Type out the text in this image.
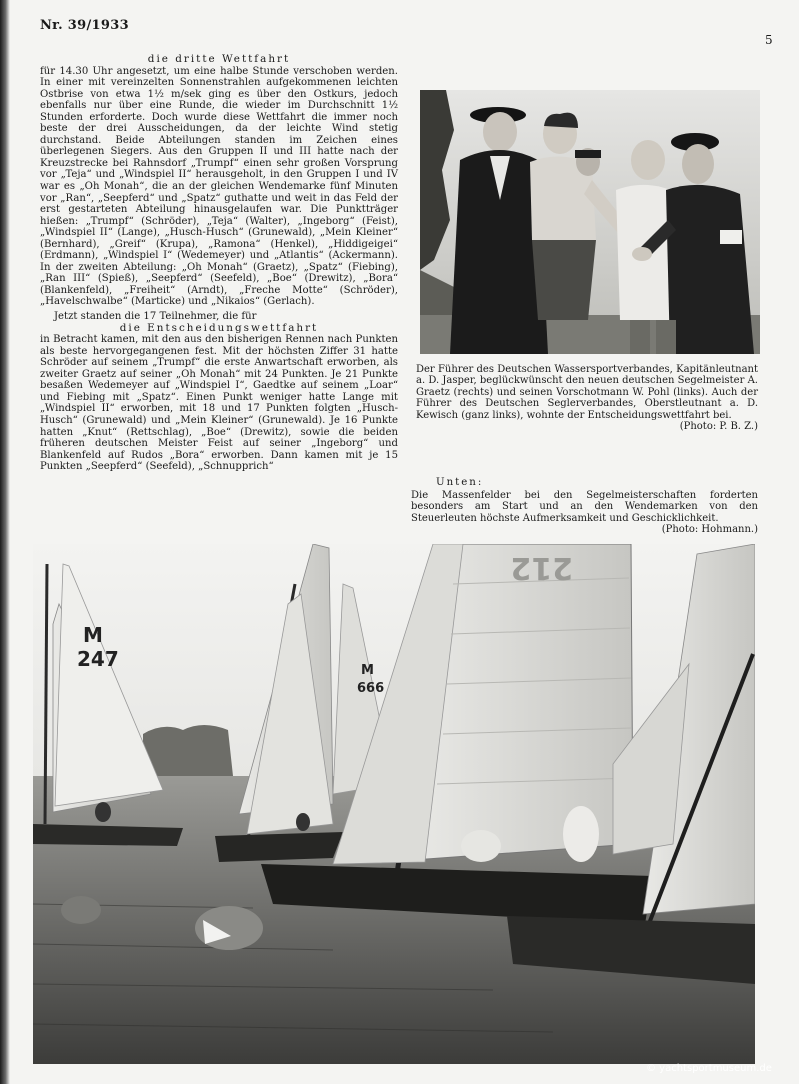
Nr. 39/1933
5

die dritte Wettfahrt

für 14.30 Uhr angesetzt, um eine halbe Stunde verschoben werden. In einer mit vereinzelten Sonnenstrahlen aufgekommenen leichten Ostbrise von etwa 1½ m/sek ging es über den Ostkurs, jedoch ebenfalls nur über eine Runde, die wieder im Durchschnitt 1½ Stunden erforderte. Doch wurde diese Wettfahrt die immer noch beste der drei Ausscheidungen, da der leichte Wind stetig durchstand. Beide Abteilungen standen im Zeichen eines überlegenen Siegers. Aus den Gruppen II und III hatte nach der Kreuzstrecke bei Rahnsdorf „Trumpf“ einen sehr großen Vorsprung vor „Teja“ und „Windspiel II“ herausgeholt, in den Gruppen I und IV war es „Oh Monah“, die an der gleichen Wendemarke fünf Minuten vor „Ran“, „Seepferd“ und „Spatz“ guthatte und weit in das Feld der erst gestarteten Abteilung hinausgelaufen war. Die Punktträger hießen: „Trumpf“ (Schröder), „Teja“ (Walter), „Ingeborg“ (Feist), „Windspiel II“ (Lange), „Husch-Husch“ (Grunewald), „Mein Kleiner“ (Bernhard), „Greif“ (Krupa), „Ramona“ (Henkel), „Hiddigeigei“ (Erdmann), „Windspiel I“ (Wedemeyer) und „Atlantis“ (Ackermann). In der zweiten Abteilung: „Oh Monah“ (Graetz), „Spatz“ (Fiebing), „Ran III“ (Spieß), „Seepferd“ (Seefeld), „Boe“ (Drewitz), „Bora“ (Blankenfeld), „Freiheit“ (Arndt), „Freche Motte“ (Schröder), „Havelschwalbe“ (Marticke) und „Nikaios“ (Gerlach).

Jetzt standen die 17 Teilnehmer, die für

die Entscheidungswettfahrt

in Betracht kamen, mit den aus den bisherigen Rennen nach Punkten als beste hervorgegangenen fest. Mit der höchsten Ziffer 31 hatte Schröder auf seinem „Trumpf“ die erste Anwartschaft erworben, als zweiter Graetz auf seiner „Oh Monah“ mit 24 Punkten. Je 21 Punkte besaßen Wedemeyer auf „Windspiel I“, Gaedtke auf seinem „Loar“ und Fiebing mit „Spatz“. Einen Punkt weniger hatte Lange mit „Windspiel II“ erworben, mit 18 und 17 Punkten folgten „Husch-Husch“ (Grunewald) und „Mein Kleiner“ (Grunewald). Je 16 Punkte hatten „Knut“ (Rettschlag), „Boe“ (Drewitz), sowie die beiden früheren deutschen Meister Feist auf seiner „Ingeborg“ und Blankenfeld auf Rudos „Bora“ erworben. Dann kamen mit je 15 Punkten „Seepferd“ (Seefeld), „Schnupprich“

Der Führer des Deutschen Wassersportverbandes, Kapitänleutnant a. D. Jasper, beglückwünscht den neuen deutschen Segelmeister A. Graetz (rechts) und seinen Vorschotmann W. Pohl (links). Auch der Führer des Deutschen Seglerverbandes, Oberstleutnant a. D. Kewisch (ganz links), wohnte der Entscheidungswettfahrt bei.
(Photo: P. B. Z.)
Unten:
Die Massenfelder bei den Segelmeisterschaften forderten besonders am Start und an den Wendemarken von den Steuerleuten höchste Aufmerksamkeit und Geschicklichkeit.
(Photo: Hohmann.)
M
247	M
666
212
© yachtsportmuseum.de
